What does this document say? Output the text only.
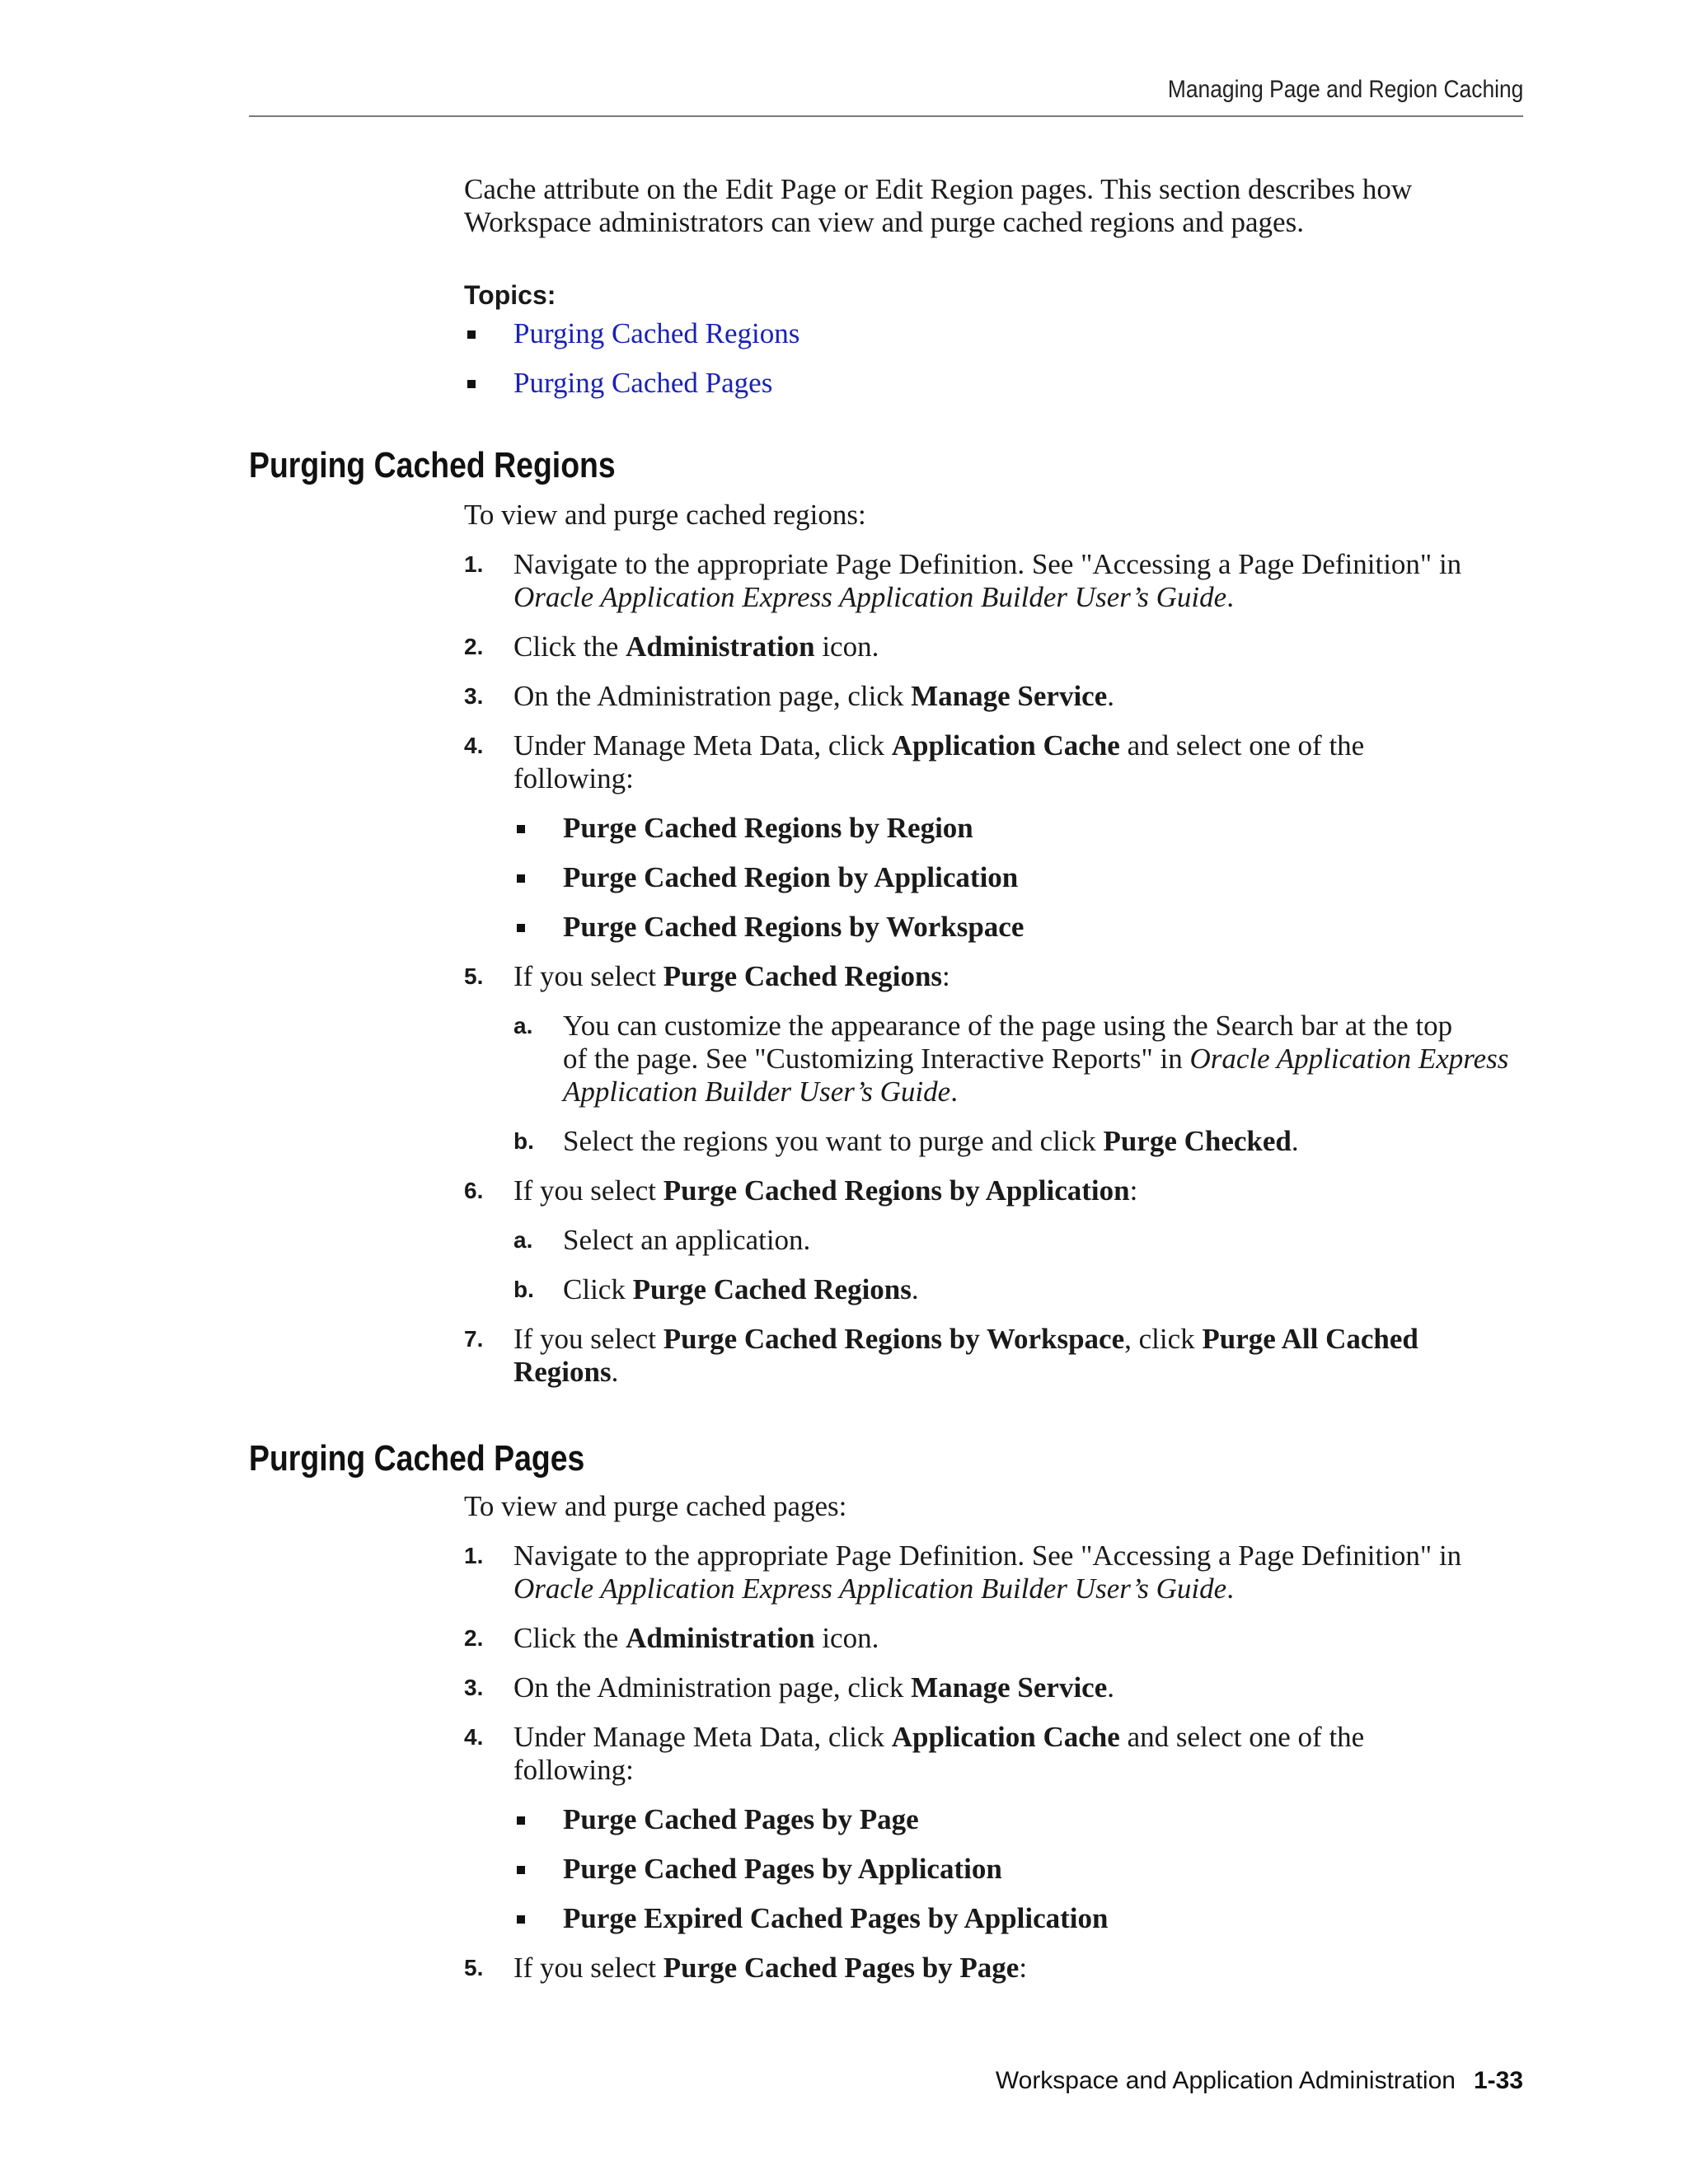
Managing Page and Region Caching

Cache attribute on the Edit Page or Edit Region pages. This section describes how

Workspace administrators can view and purge cached regions and pages.

Topics:
Purging Cached Regions
Purging Cached Pages
Purging Cached Regions
To view and purge cached regions:
1. Navigate to the appropriate Page Definition. See "Accessing a Page Definition" in
Oracle Application Express Application Builder User’s Guide.
2. Click the Administration icon.
3. On the Administration page, click Manage Service.
4. Under Manage Meta Data, click Application Cache and select one of the
following:
Purge Cached Regions by Region
Purge Cached Region by Application
Purge Cached Regions by Workspace
5. If you select Purge Cached Regions:
a. You can customize the appearance of the page using the Search bar at the top
of the page. See "Customizing Interactive Reports" in Oracle Application Express
Application Builder User’s Guide.
b. Select the regions you want to purge and click Purge Checked.
6. If you select Purge Cached Regions by Application:
a. Select an application.
b. Click Purge Cached Regions.
7. If you select Purge Cached Regions by Workspace, click Purge All Cached
Regions.
Purging Cached Pages
To view and purge cached pages:
1. Navigate to the appropriate Page Definition. See "Accessing a Page Definition" in
Oracle Application Express Application Builder User’s Guide.
2. Click the Administration icon.
3. On the Administration page, click Manage Service.
4. Under Manage Meta Data, click Application Cache and select one of the
following:
Purge Cached Pages by Page
Purge Cached Pages by Application
Purge Expired Cached Pages by Application
5. If you select Purge Cached Pages by Page:
Workspace and Application Administration 1-33
